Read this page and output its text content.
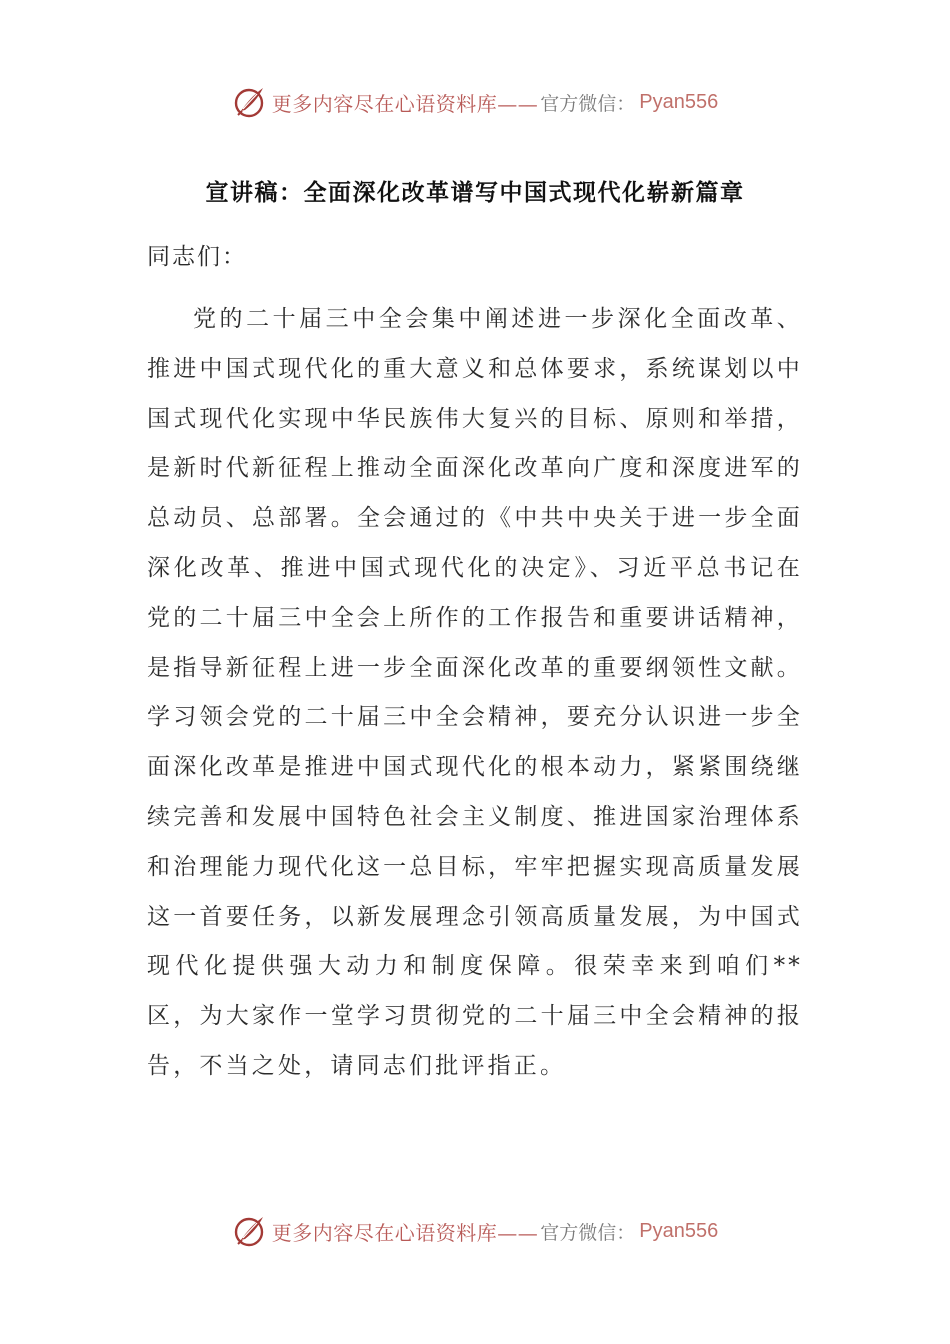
更多内容尽在心语资料库—— 官方微信： Pyan556
宣讲稿：全面深化改革谱写中国式现代化崭新篇章
同志们：

党的二十届三中全会集中阐述进一步深化全面改革、推进中国式现代化的重大意义和总体要求，系统谋划以中国式现代化实现中华民族伟大复兴的目标、原则和举措，是新时代新征程上推动全面深化改革向广度和深度进军的总动员、总部署。全会通过的《中共中央关于进一步全面深化改革、推进中国式现代化的决定》、习近平总书记在党的二十届三中全会上所作的工作报告和重要讲话精神，是指导新征程上进一步全面深化改革的重要纲领性文献。学习领会党的二十届三中全会精神，要充分认识进一步全面深化改革是推进中国式现代化的根本动力，紧紧围绕继续完善和发展中国特色社会主义制度、推进国家治理体系和治理能力现代化这一总目标，牢牢把握实现高质量发展这一首要任务，以新发展理念引领高质量发展，为中国式现代化提供强大动力和制度保障。很荣幸来到咱们**区，为大家作一堂学习贯彻党的二十届三中全会精神的报告，不当之处，请同志们批评指正。

更多内容尽在心语资料库—— 官方微信： Pyan556
